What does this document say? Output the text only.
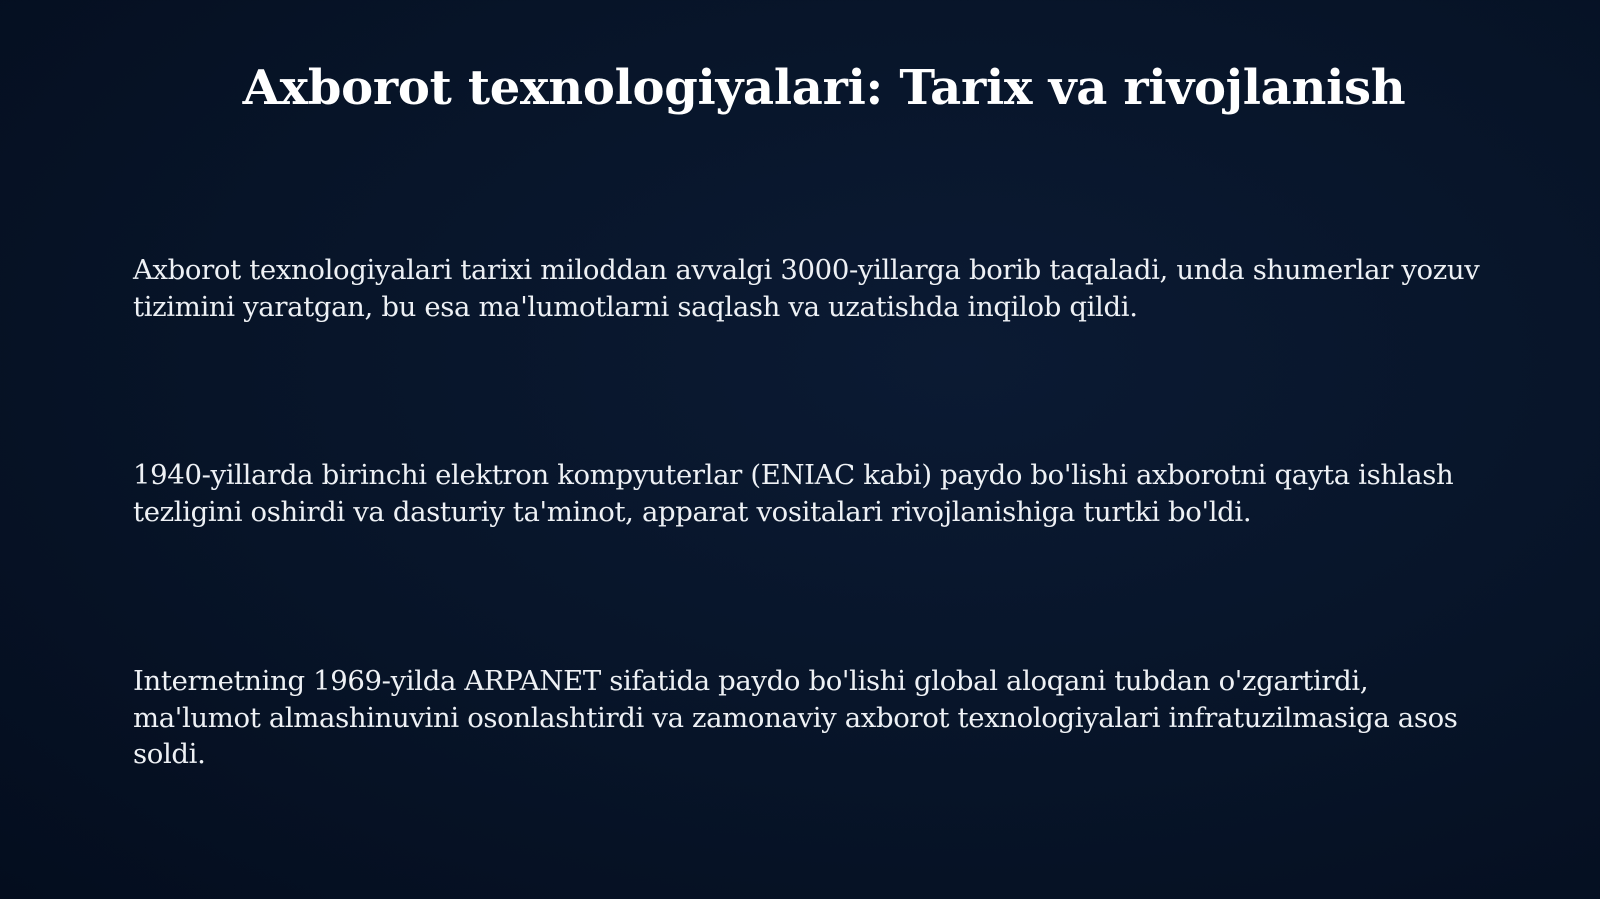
Axborot texnologiyalari: Tarix va rivojlanish

Axborot texnologiyalari tarixi miloddan avvalgi 3000-yillarga borib taqaladi, unda shumerlar yozuv tizimini yaratgan, bu esa ma'lumotlarni saqlash va uzatishda inqilob qildi.

1940-yillarda birinchi elektron kompyuterlar (ENIAC kabi) paydo bo'lishi axborotni qayta ishlash tezligini oshirdi va dasturiy ta'minot, apparat vositalari rivojlanishiga turtki bo'ldi.

Internetning 1969-yilda ARPANET sifatida paydo bo'lishi global aloqani tubdan o'zgartirdi, ma'lumot almashinuvini osonlashtirdi va zamonaviy axborot texnologiyalari infratuzilmasiga asos soldi.
